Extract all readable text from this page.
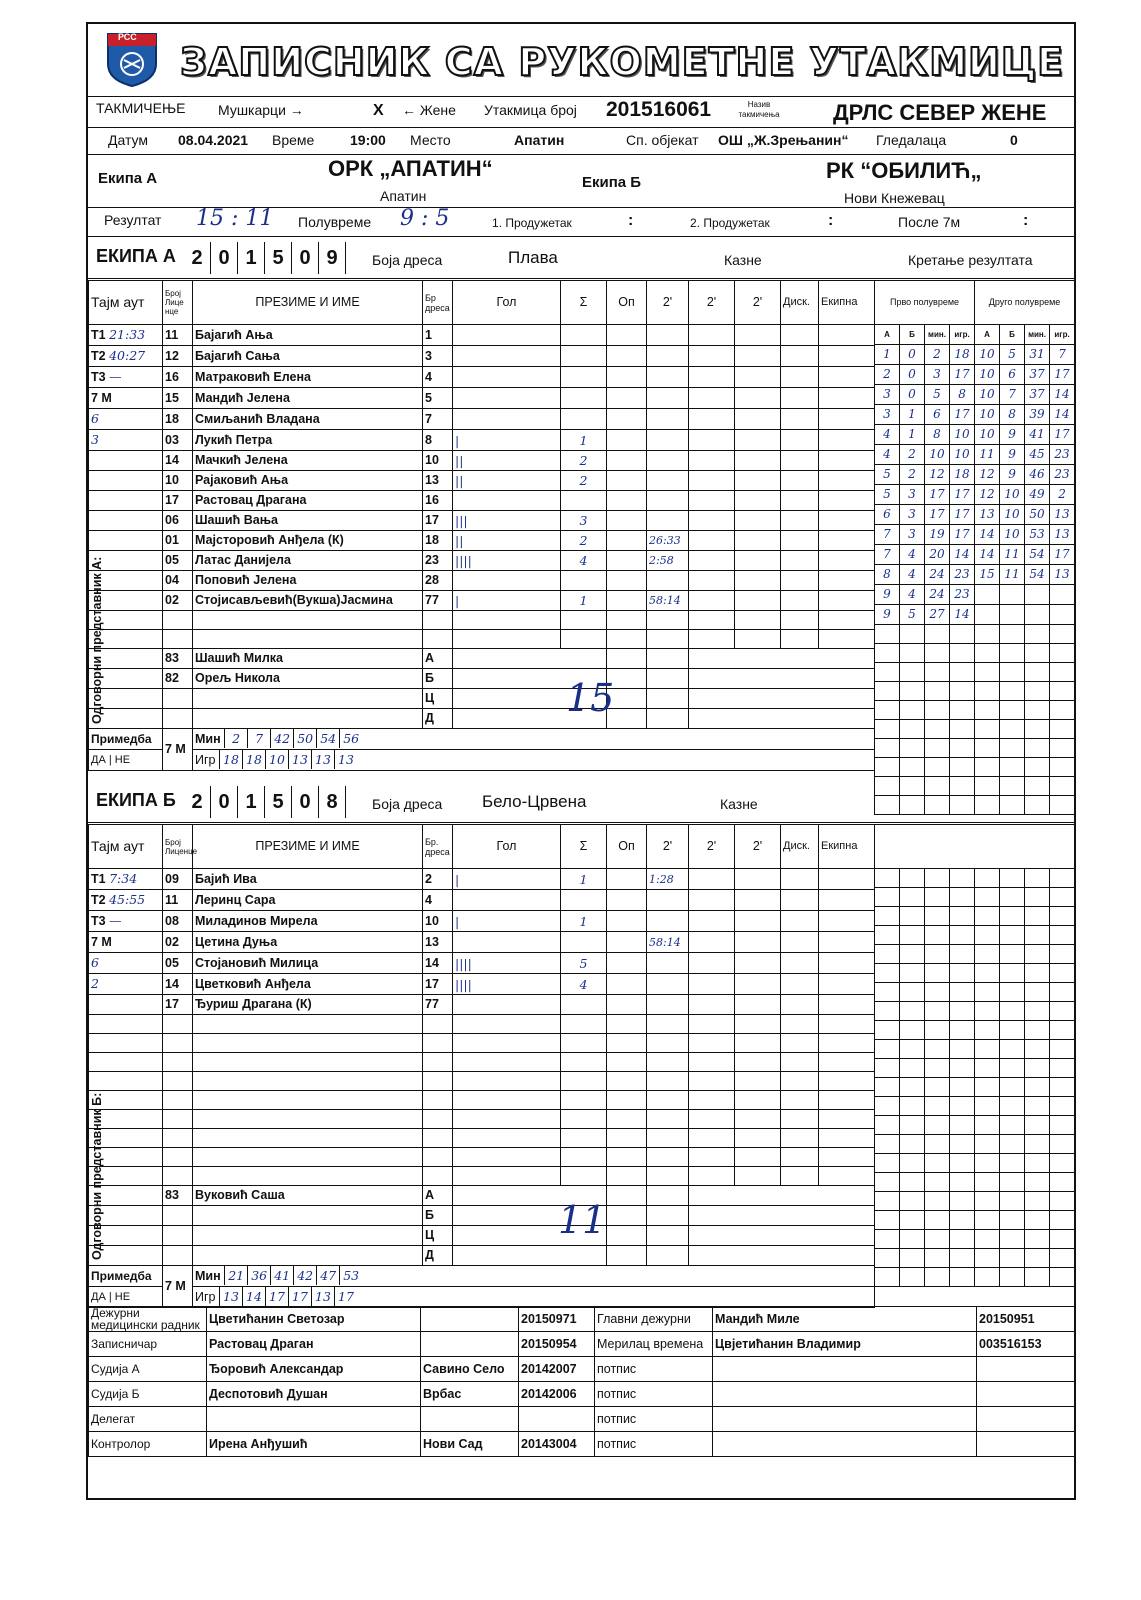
РСС
ЗАПИСНИК СА РУКОМЕТНЕ УТАКМИЦЕ
ТАКМИЧЕЊЕ Мушкарци →	X ← Жене Утакмица број 201516061	Назив такмичења ДРЛС СЕВЕР ЖЕНЕ
Датум 08.04.2021 Време	19:00 Место	Апатин	Сп. објекат ОШ „Ж.Зрењанин“ Гледалаца	0
Екипа А	ОРК „АПАТИН“
Апатин
Екипа Б	РК “ОБИЛИЋ„
Нови Кнежевац
Резултат 15 : 11 Полувреме 9 : 5	1. Продужетак	:	2. Продужетак	:	После 7м	:
ЕКИПА А 2 0 1 5 0 9	Боја дреса	Плава	Казне	Кретање резултата
Тајм аут	Број Лице нце	ПРЕЗИМЕ И ИМЕ	Бр дреса	Гол	Σ	Оп	2'	2'	2'	Диск.	Екипна
Т1 21:33	11	Бајагић Ања	1								
Т2 40:27	12	Бајагић Сања	3								
Т3 —	16	Матраковић Елена	4								
7 М	15	Мандић Јелена	5								
6	18	Смиљанић Владана	7								
3	03	Лукић Петра	8	|	1						
	14	Мачкић Јелена	10	||	2						
	10	Рајаковић Ања	13	||	2						
	17	Растовац Драгана	16								
	06	Шашић Вања	17	|||	3						
	01	Мајсторовић Анђела (К)	18	||	2		26:33				
	05	Латас Данијела	23	||||	4		2:58				
	04	Поповић Јелена	28								
	02	Стојисављевић(Вукша)Јасмина	77	|	1		58:14				

	83	Шашић Милка	А								
	82	Орељ Никола	Б								
			Ц								
			Д								
Примедба	7 М	Мин 2 7 42 50 54 56									
ДА | НЕ		Игр 18 18 10 13 13 13									
Прво полувреме				Друго полувреме			
А	Б	мин.	игр.	А	Б	мин.	игр.
1	0	2	18	10	5	31	7
2	0	3	17	10	6	37	17
3	0	5	8	10	7	37	14
3	1	6	17	10	8	39	14
4	1	8	10	10	9	41	17
4	2	10	10	11	9	45	23
5	2	12	18	12	9	46	23
5	3	17	17	12	10	49	2
6	3	17	17	13	10	50	13
7	3	19	17	14	10	53	13
7	4	20	14	14	11	54	17
8	4	24	23	15	11	54	13
9	4	24	23				
9	5	27	14				

Одговорни представник А:	15
ЕКИПА Б 2 0 1 5 0 8	Боја дреса Бело-Црвена	Казне
Тајм аут	Број Лиценце	ПРЕЗИМЕ И ИМЕ	Бр. дреса	Гол	Σ	Оп	2'	2'	2'	Диск.	Екипна
Т1 7:34	09	Бајић Ива	2	|	1		1:28				
Т2 45:55	11	Леринц Сара	4								
Т3 —	08	Миладинов Мирела	10	|	1						
7 М	02	Цетина Дуња	13				58:14				
6	05	Стојановић Милица	14	||||	5						
2	14	Цветковић Анђела	17	||||	4						
	17	Ђуриш Драгана (К)	77								

	83	Вуковић Саша	А								
			Б								
			Ц								
			Д								
Примедба	7 М	Мин 21 36 41 42 47 53									
ДА | НЕ		Игр 13 14 17 17 13 17									

Одговорни представник Б:	11
Дежурни медицински радник	Цветићанин Светозар		20150971	Главни дежурни	Мандић Миле	20150951
Записничар	Растовац Драган		20150954	Мерилац времена	Цвјетићанин Владимир	003516153
Судија А	Ђоровић Александар	Савино Село	20142007	потпис		
Судија Б	Деспотовић Душан	Врбас	20142006	потпис		
Делегат				потпис		
Контролор	Ирена Анђушић	Нови Сад	20143004	потпис		
